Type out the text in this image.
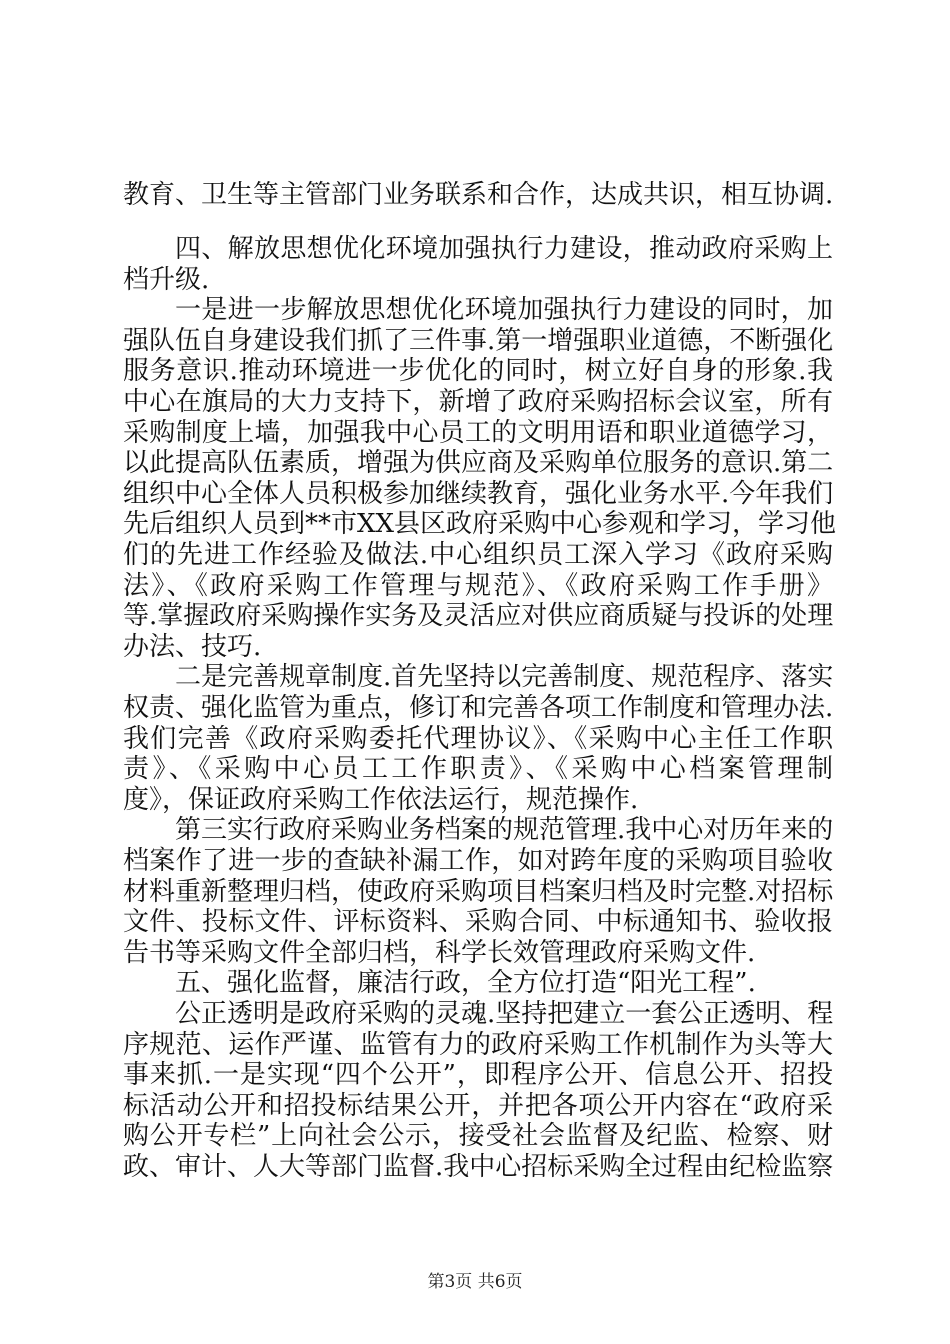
教育、卫生等主管部门业务联系和合作，达成共识，相互协调.
四、解放思想优化环境加强执行力建设，推动政府采购上
档升级.
一是进一步解放思想优化环境加强执行力建设的同时，加
强队伍自身建设我们抓了三件事.第一增强职业道德，不断强化
服务意识.推动环境进一步优化的同时，树立好自身的形象.我
中心在旗局的大力支持下，新增了政府采购招标会议室，所有
采购制度上墙，加强我中心员工的文明用语和职业道德学习，
以此提高队伍素质，增强为供应商及采购单位服务的意识.第二
组织中心全体人员积极参加继续教育，强化业务水平.今年我们
先后组织人员到**市XX县区政府采购中心参观和学习，学习他
们的先进工作经验及做法.中心组织员工深入学习《政府采购
法》、《政府采购工作管理与规范》、《政府采购工作手册》
等.掌握政府采购操作实务及灵活应对供应商质疑与投诉的处理
办法、技巧.
二是完善规章制度.首先坚持以完善制度、规范程序、落实
权责、强化监管为重点，修订和完善各项工作制度和管理办法.
我们完善《政府采购委托代理协议》、《采购中心主任工作职
责》、《采购中心员工工作职责》、《采购中心档案管理制
度》，保证政府采购工作依法运行，规范操作.
第三实行政府采购业务档案的规范管理.我中心对历年来的
档案作了进一步的查缺补漏工作，如对跨年度的采购项目验收
材料重新整理归档，使政府采购项目档案归档及时完整.对招标
文件、投标文件、评标资料、采购合同、中标通知书、验收报
告书等采购文件全部归档，科学长效管理政府采购文件.
五、强化监督，廉洁行政，全方位打造“阳光工程”.
公正透明是政府采购的灵魂.坚持把建立一套公正透明、程
序规范、运作严谨、监管有力的政府采购工作机制作为头等大
事来抓.一是实现“四个公开”，即程序公开、信息公开、招投
标活动公开和招投标结果公开，并把各项公开内容在“政府采
购公开专栏”上向社会公示，接受社会监督及纪监、检察、财
政、审计、人大等部门监督.我中心招标采购全过程由纪检监察
第3页 共6页
